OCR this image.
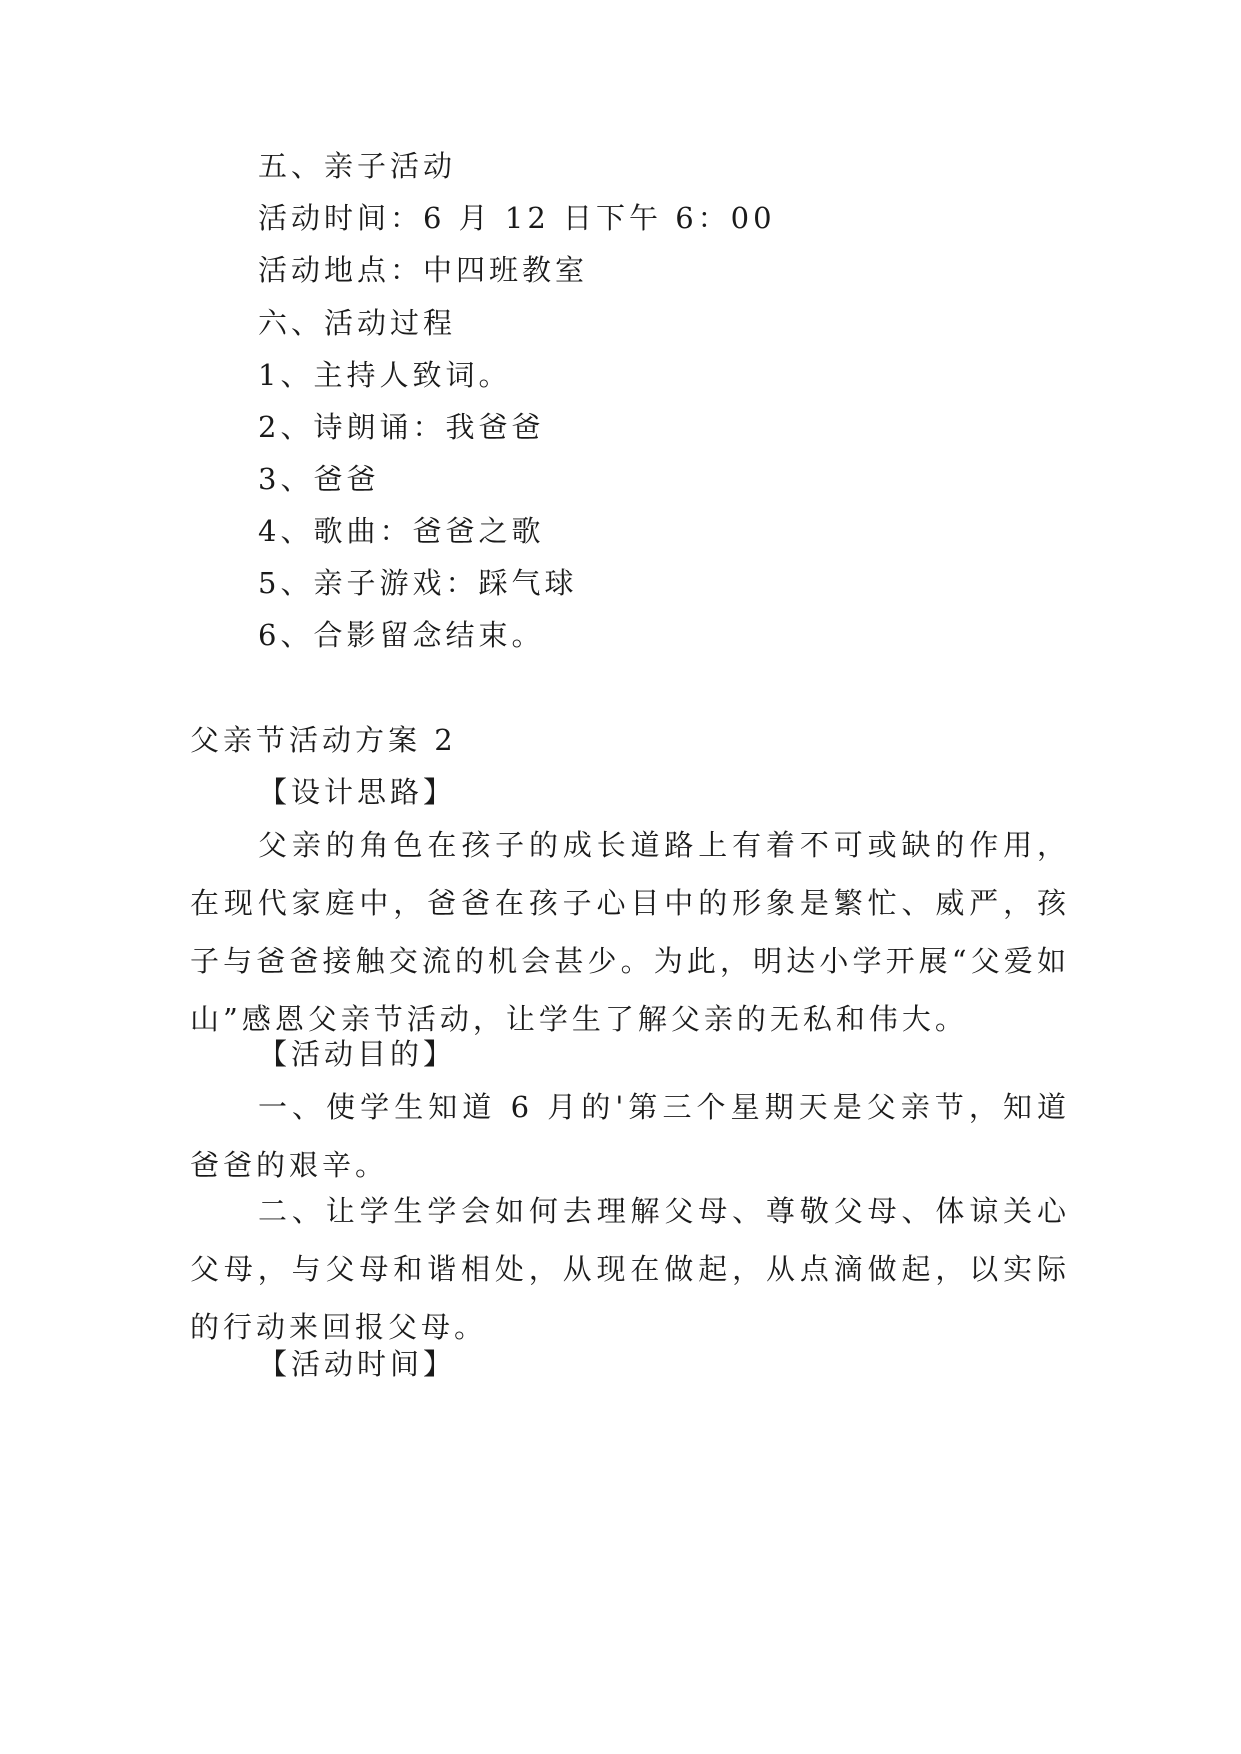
五、亲子活动
活动时间：6 月 12 日下午 6：00
活动地点：中四班教室
六、活动过程
1、主持人致词。
2、诗朗诵：我爸爸
3、爸爸
4、歌曲：爸爸之歌
5、亲子游戏：踩气球
6、合影留念结束。
父亲节活动方案 2
【设计思路】
父亲的角色在孩子的成长道路上有着不可或缺的作用，在现代家庭中，爸爸在孩子心目中的形象是繁忙、威严，孩子与爸爸接触交流的机会甚少。为此，明达小学开展“父爱如山”感恩父亲节活动，让学生了解父亲的无私和伟大。
【活动目的】
一、使学生知道 6 月的'第三个星期天是父亲节，知道爸爸的艰辛。
二、让学生学会如何去理解父母、尊敬父母、体谅关心父母，与父母和谐相处，从现在做起，从点滴做起，以实际的行动来回报父母。
【活动时间】
